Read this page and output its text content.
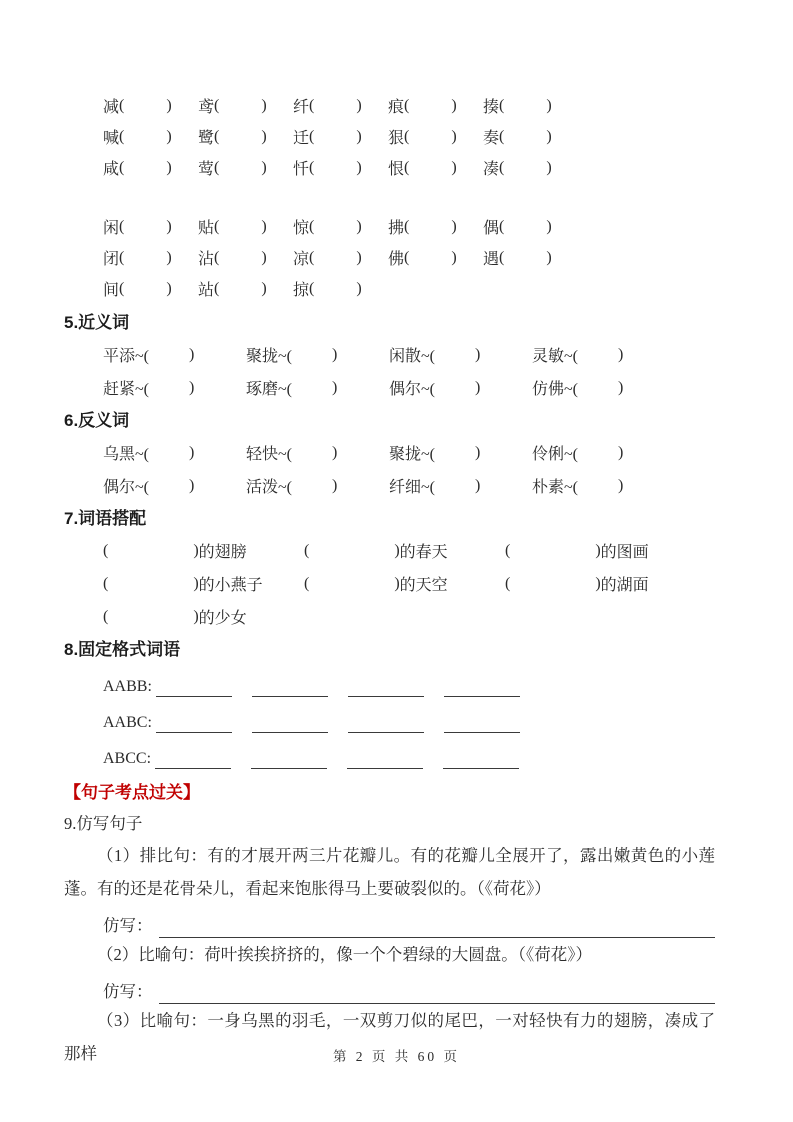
减 (	) 鸢 (	) 纤 (	) 痕 (	) 揍 (	)
喊 (	) 鹭 (	) 迁 (	) 狠 (	) 奏 (	)
咸 (	) 莺 (	) 忏 (	) 恨 (	) 凑 (	)
闲 (	) 贴 (	) 惊 (	) 拂 (	) 偶 (	)
闭 (	) 沾 (	) 凉 (	) 佛 (	) 遇 (	)
间 (	) 站 (	) 掠 (	)
5.近义词
平添~(	)	聚拢~(	)	闲散~(	)	灵敏~(	)
赶紧~(	)	琢磨~(	)	偶尔~(	)	仿佛~(	)
6.反义词
乌黑~(	)	轻快~(	)	聚拢~(	)	伶俐~(	)
偶尔~(	)	活泼~(	)	纤细~(	)	朴素~(	)
7.词语搭配
(	) 的翅膀	(	) 的春天	(	) 的图画
(	) 的小燕子	(	) 的天空	(	) 的湖面
(	) 的少女
8.固定格式词语
AABB:
AABC:
ABCC:
【句子考点过关】

9.仿写句子

（1）排比句：有的才展开两三片花瓣儿。有的花瓣儿全展开了，露出嫩黄色的小莲蓬。有的还是花骨朵儿，看起来饱胀得马上要破裂似的。（《荷花》）

仿写：

（2）比喻句：荷叶挨挨挤挤的，像一个个碧绿的大圆盘。（《荷花》）

仿写：

（3）比喻句：一身乌黑的羽毛，一双剪刀似的尾巴，一对轻快有力的翅膀，凑成了那样	第 2 页 共 60 页
